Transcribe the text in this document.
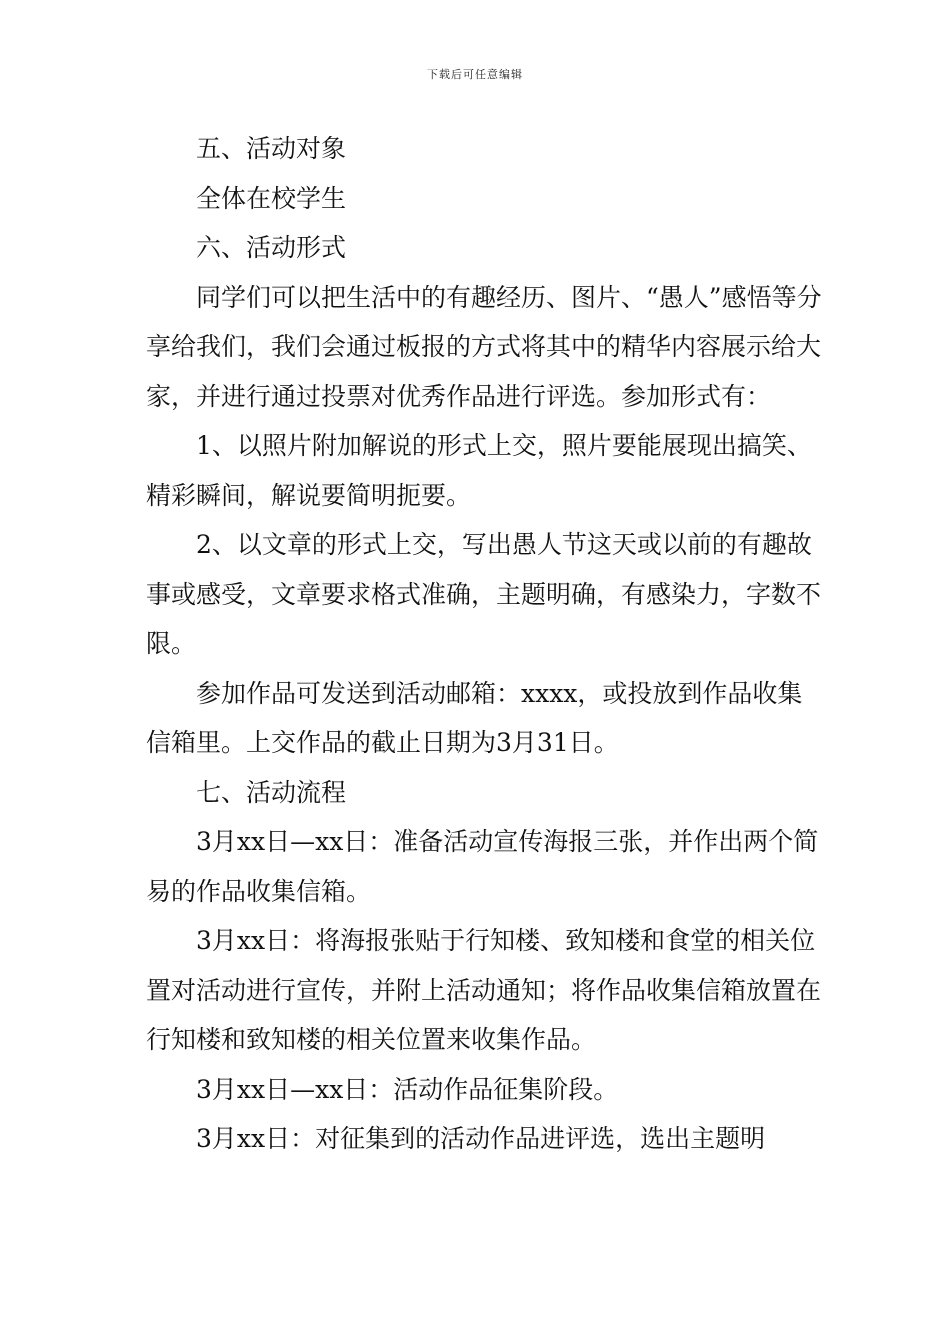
下载后可任意编辑

五、活动对象

全体在校学生

六、活动形式

同学们可以把生活中的有趣经历、图片、“愚人”感悟等分享给我们，我们会通过板报的方式将其中的精华内容展示给大家，并进行通过投票对优秀作品进行评选。参加形式有：

1、以照片附加解说的形式上交，照片要能展现出搞笑、精彩瞬间，解说要简明扼要。

2、以文章的形式上交，写出愚人节这天或以前的有趣故事或感受，文章要求格式准确，主题明确，有感染力，字数不限。

参加作品可发送到活动邮箱：xxxx，或投放到作品收集信箱里。上交作品的截止日期为3月31日。

七、活动流程

3月xx日—xx日：准备活动宣传海报三张，并作出两个简易的作品收集信箱。

3月xx日：将海报张贴于行知楼、致知楼和食堂的相关位置对活动进行宣传，并附上活动通知；将作品收集信箱放置在行知楼和致知楼的相关位置来收集作品。

3月xx日—xx日：活动作品征集阶段。

3月xx日：对征集到的活动作品进评选，选出主题明
